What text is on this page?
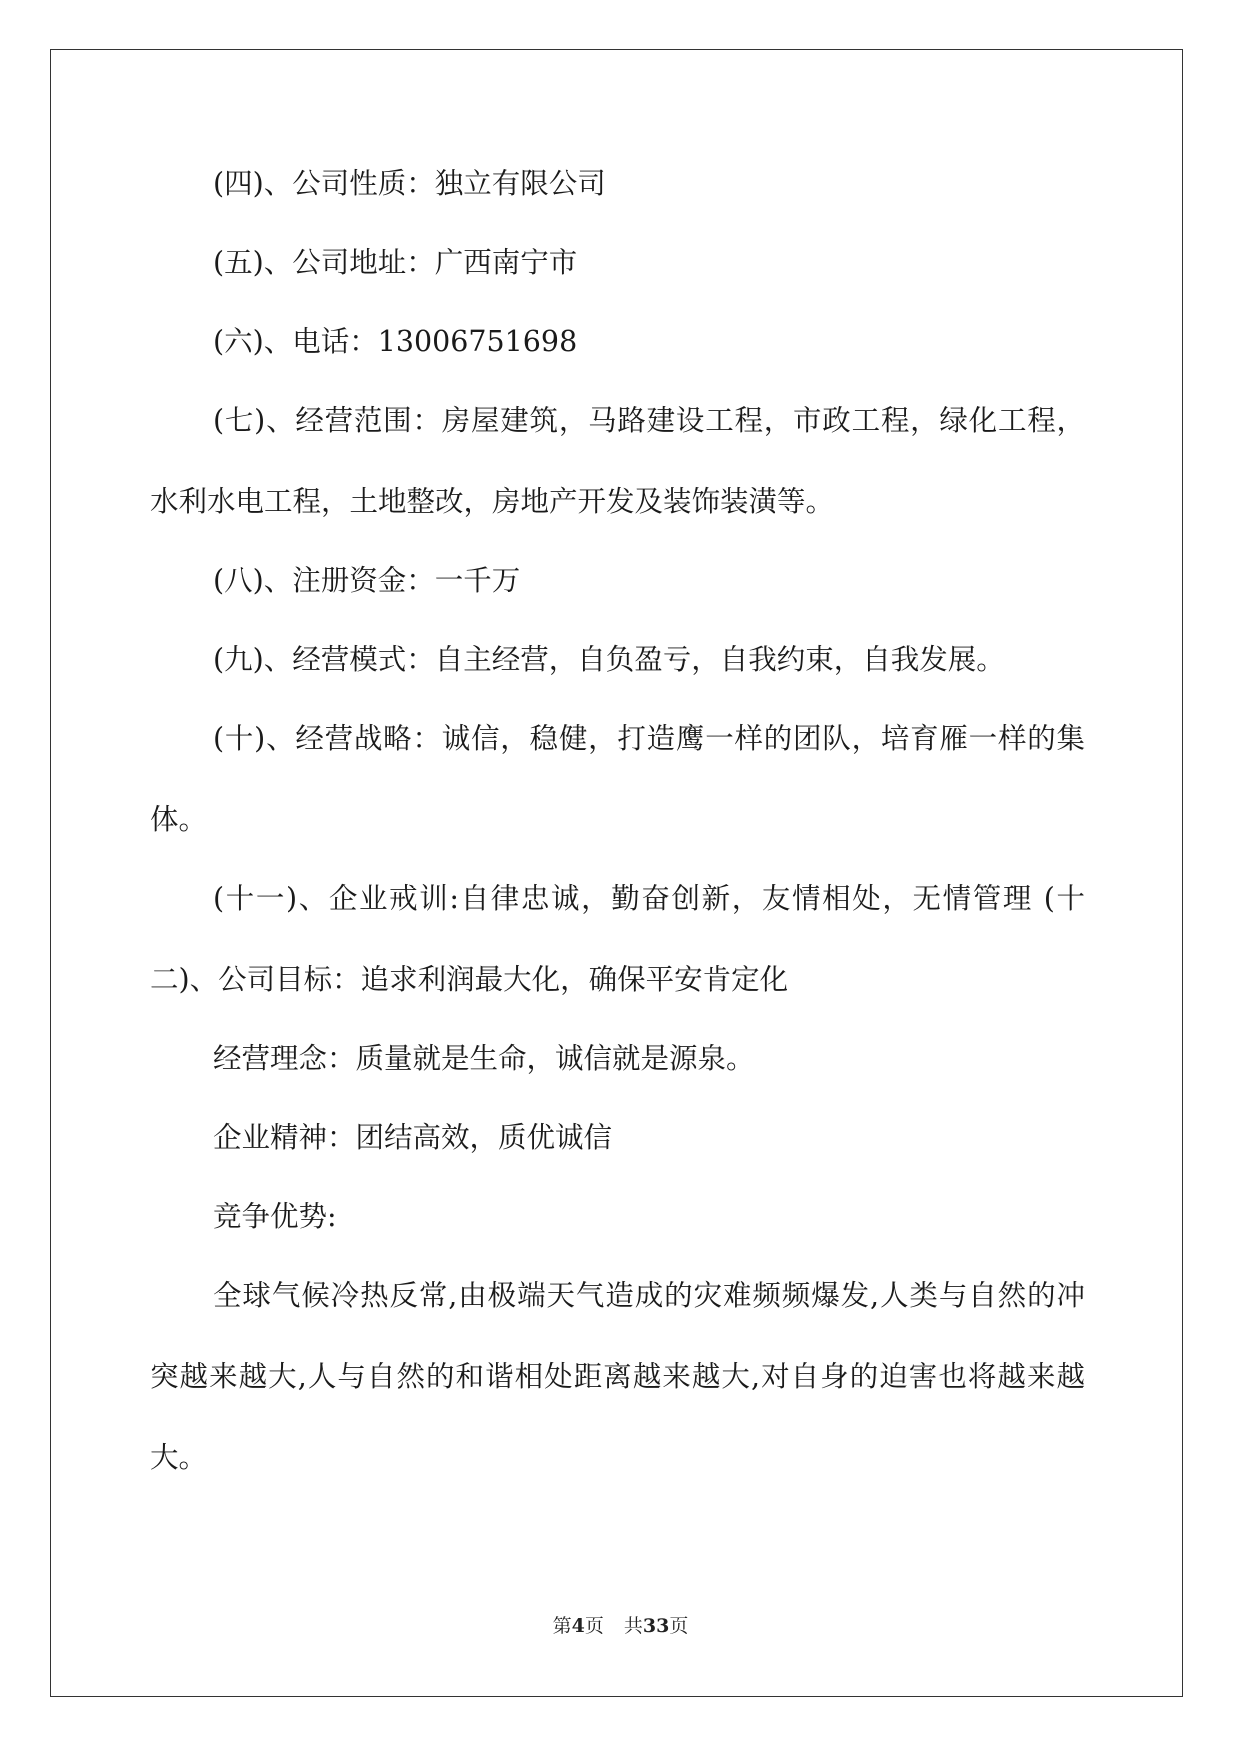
(四)、公司性质：独立有限公司

(五)、公司地址：广西南宁市

(六)、电话：13006751698

(七)、经营范围：房屋建筑，马路建设工程，市政工程，绿化工程，水利水电工程，土地整改，房地产开发及装饰装潢等。

(八)、注册资金：一千万

(九)、经营模式：自主经营，自负盈亏，自我约束，自我发展。

(十)、经营战略：诚信，稳健，打造鹰一样的团队，培育雁一样的集体。

(十一)、企业戒训:自律忠诚，勤奋创新，友情相处，无情管理 (十二)、公司目标：追求利润最大化，确保平安肯定化

经营理念：质量就是生命，诚信就是源泉。

企业精神：团结高效，质优诚信

竞争优势:

全球气候冷热反常,由极端天气造成的灾难频频爆发,人类与自然的冲突越来越大,人与自然的和谐相处距离越来越大,对自身的迫害也将越来越大。

第4页 共33页
